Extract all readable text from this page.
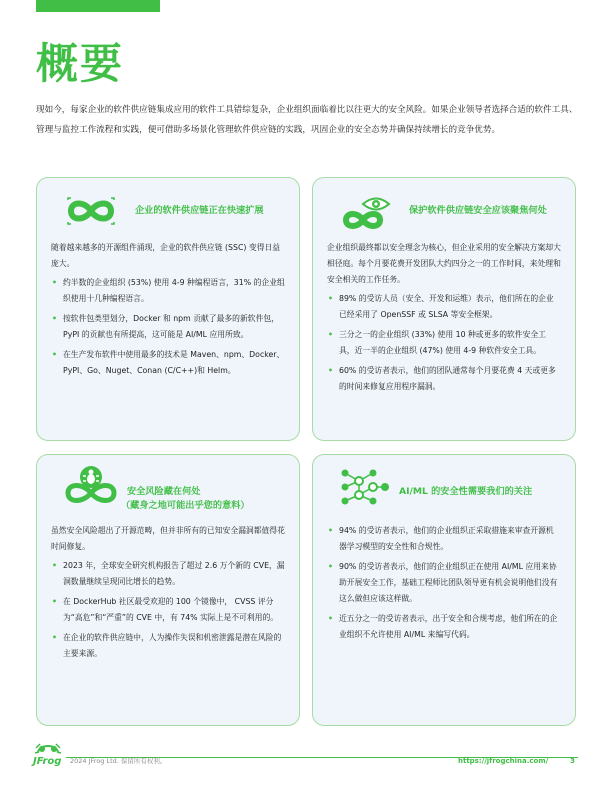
概要

现如今，每家企业的软件供应链集成应用的软件工具错综复杂，企业组织面临着比以往更大的安全风险。如果企业领导者选择合适的软件工具、管理与监控工作流程和实践，便可借助多场景化管理软件供应链的实践，巩固企业的安全态势并确保持续增长的竞争优势。

企业的软件供应链正在快速扩展

随着越来越多的开源组件涌现，企业的软件供应链 (SSC) 变得日益庞大。

• 约半数的企业组织 (53%) 使用 4-9 种编程语言，31% 的企业组织使用十几种编程语言。
• 按软件包类型划分，Docker 和 npm 贡献了最多的新软件包，PyPI 的贡献也有所提高，这可能是 AI/ML 应用所致。
• 在生产发布软件中使用最多的技术是 Maven、npm、Docker、PyPI、Go、Nuget、Conan (C/C++)和 Helm。
保护软件供应链安全应该聚焦何处

企业组织最终都以安全理念为核心，但企业采用的安全解决方案却大相径庭。每个月要花费开发团队大约四分之一的工作时间，来处理和安全相关的工作任务。

• 89% 的受访人员（安全、开发和运维）表示，他们所在的企业已经采用了 OpenSSF 或 SLSA 等安全框架。
• 三分之一的企业组织 (33%) 使用 10 种或更多的软件安全工具，近一半的企业组织 (47%) 使用 4-9 种软件安全工具。
• 60% 的受访者表示，他们的团队通常每个月要花费 4 天或更多的时间来修复应用程序漏洞。
安全风险藏在何处
（藏身之地可能出乎您的意料）

虽然安全风险超出了开源范畴，但并非所有的已知安全漏洞都值得花时间修复。

• 2023 年，全球安全研究机构报告了超过 2.6 万个新的 CVE，漏洞数量继续呈现同比增长的趋势。
• 在 DockerHub 社区最受欢迎的 100 个镜像中， CVSS 评分为“高危”和“严重”的 CVE 中，有 74% 实际上是不可利用的。
• 在企业的软件供应链中，人为操作失误和机密泄露是潜在风险的主要来源。
AI/ML 的安全性需要我们的关注
• 94% 的受访者表示，他们的企业组织正采取措施来审查开源机器学习模型的安全性和合规性。
• 90% 的受访者表示，他们的企业组织正在使用 AI/ML 应用来协助开展安全工作，基础工程师比团队领导更有机会说明他们没有这么做但应该这样做。
• 近五分之一的受访者表示，出于安全和合规考虑，他们所在的企业组织不允许使用 AI/ML 来编写代码。
JFrog 2024 JFrog Ltd. 保留所有权利。	https://jfrogchina.com/	3
